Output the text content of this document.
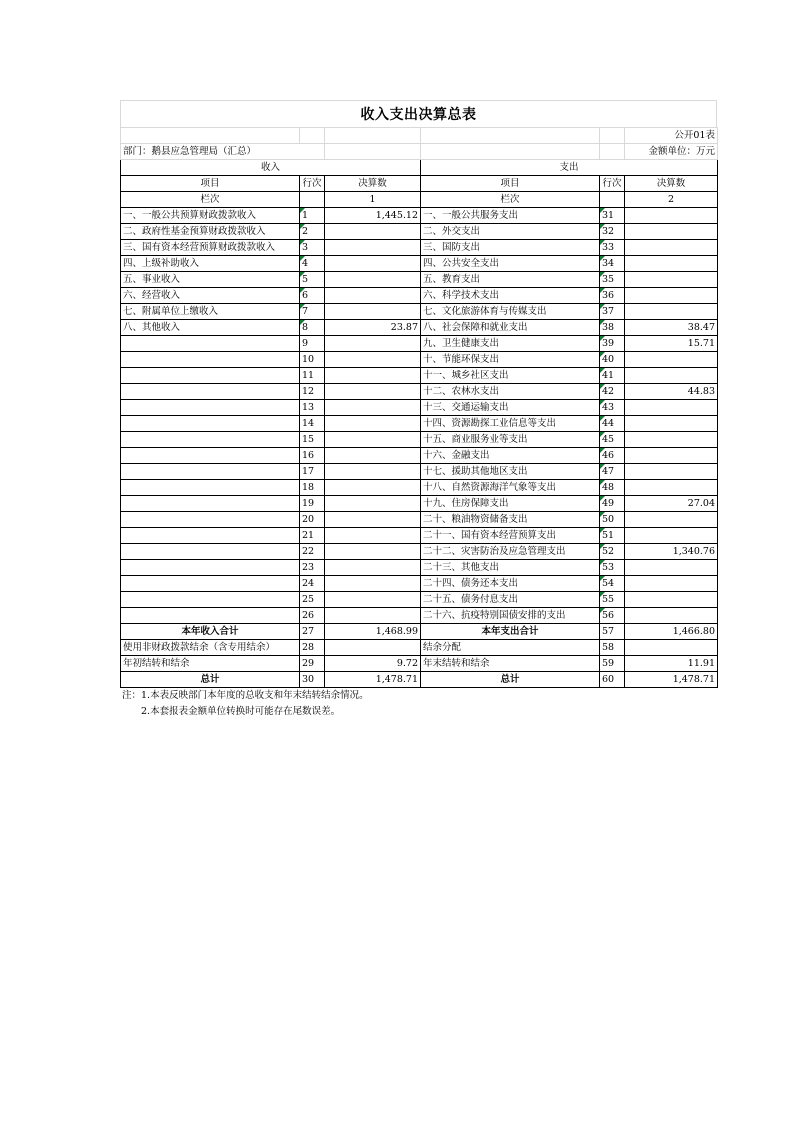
收入支出决算总表
					公开01表
部门：鹅县应急管理局（汇总）					金额单位：万元
收入			支出		
项目	行次	决算数	项目	行次	决算数
栏次		1	栏次		2
一、一般公共预算财政拨款收入	1	1,445.12	一、一般公共服务支出	31	
二、政府性基金预算财政拨款收入	2		二、外交支出	32	
三、国有资本经营预算财政拨款收入	3		三、国防支出	33	
四、上级补助收入	4		四、公共安全支出	34	
五、事业收入	5		五、教育支出	35	
六、经营收入	6		六、科学技术支出	36	
七、附属单位上缴收入	7		七、文化旅游体育与传媒支出	37	
八、其他收入	8	23.87	八、社会保障和就业支出	38	38.47
	9		九、卫生健康支出	39	15.71
	10		十、节能环保支出	40	
	11		十一、城乡社区支出	41	
	12		十二、农林水支出	42	44.83
	13		十三、交通运输支出	43	
	14		十四、资源勘探工业信息等支出	44	
	15		十五、商业服务业等支出	45	
	16		十六、金融支出	46	
	17		十七、援助其他地区支出	47	
	18		十八、自然资源海洋气象等支出	48	
	19		十九、住房保障支出	49	27.04
	20		二十、粮油物资储备支出	50	
	21		二十一、国有资本经营预算支出	51	
	22		二十二、灾害防治及应急管理支出	52	1,340.76
	23		二十三、其他支出	53	
	24		二十四、债务还本支出	54	
	25		二十五、债务付息支出	55	
	26		二十六、抗疫特别国债安排的支出	56	
本年收入合计	27	1,468.99	本年支出合计	57	1,466.80
使用非财政拨款结余（含专用结余）	28		结余分配	58	
年初结转和结余	29	9.72	年末结转和结余	59	11.91
总计	30	1,478.71	总计	60	1,478.71
注：1.本表反映部门本年度的总收支和年末结转结余情况。
　　2.本套报表金额单位转换时可能存在尾数误差。
